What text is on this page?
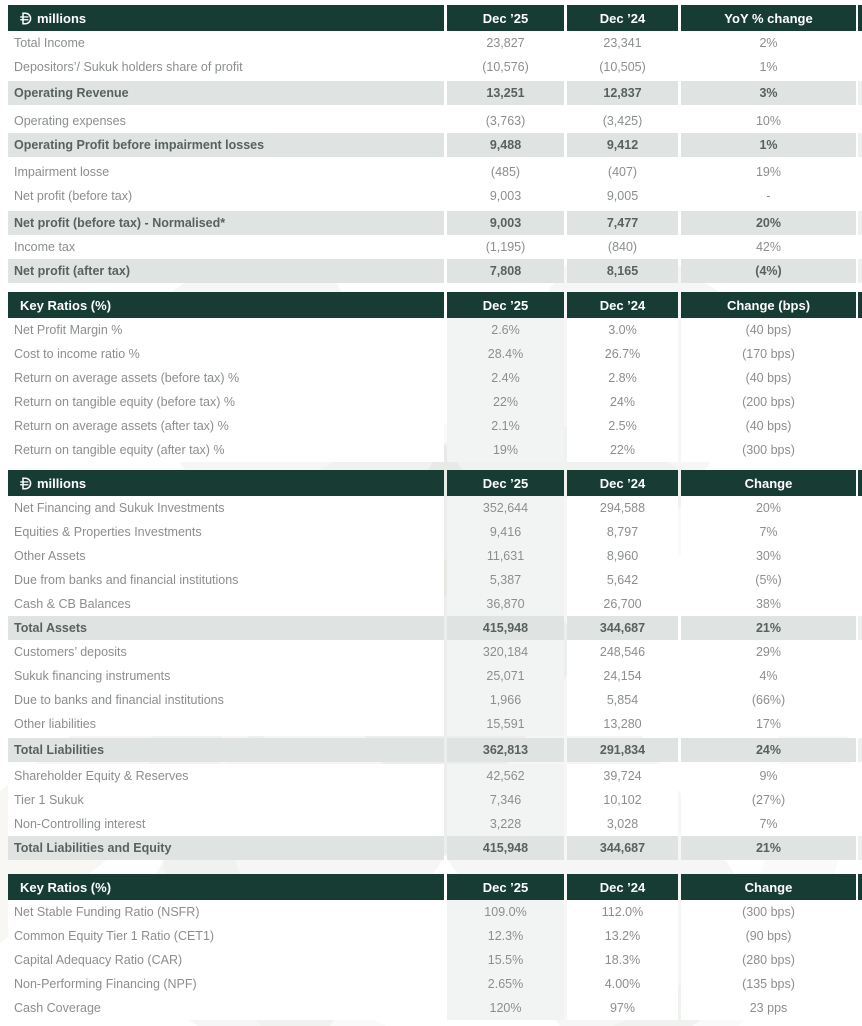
millions	Dec ’25	Dec ’24	YoY % change
Total Income	23,827	23,341	2%
Depositors’/ Sukuk holders share of profit	(10,576)	(10,505)	1%
Operating Revenue	13,251	12,837	3%
Operating expenses	(3,763)	(3,425)	10%
Operating Profit before impairment losses	9,488	9,412	1%
Impairment losse	(485)	(407)	19%
Net profit (before tax)	9,003	9,005	-
Net profit (before tax) - Normalised*	9,003	7,477	20%
Income tax	(1,195)	(840)	42%
Net profit (after tax)	7,808	8,165	(4%)
Key Ratios (%)	Dec ’25	Dec ’24	Change (bps)
Net Profit Margin %	2.6%	3.0%	(40 bps)
Cost to income ratio %	28.4%	26.7%	(170 bps)
Return on average assets (before tax) %	2.4%	2.8%	(40 bps)
Return on tangible equity (before tax) %	22%	24%	(200 bps)
Return on average assets (after tax) %	2.1%	2.5%	(40 bps)
Return on tangible equity (after tax) %	19%	22%	(300 bps)
millions	Dec ’25	Dec ’24	Change
Net Financing and Sukuk Investments	352,644	294,588	20%
Equities & Properties Investments	9,416	8,797	7%
Other Assets	11,631	8,960	30%
Due from banks and financial institutions	5,387	5,642	(5%)
Cash & CB Balances	36,870	26,700	38%
Total Assets	415,948	344,687	21%
Customers’ deposits	320,184	248,546	29%
Sukuk financing instruments	25,071	24,154	4%
Due to banks and financial institutions	1,966	5,854	(66%)
Other liabilities	15,591	13,280	17%
Total Liabilities	362,813	291,834	24%
Shareholder Equity & Reserves	42,562	39,724	9%
Tier 1 Sukuk	7,346	10,102	(27%)
Non-Controlling interest	3,228	3,028	7%
Total Liabilities and Equity	415,948	344,687	21%
Key Ratios (%)	Dec ’25	Dec ’24	Change
Net Stable Funding Ratio (NSFR)	109.0%	112.0%	(300 bps)
Common Equity Tier 1 Ratio (CET1)	12.3%	13.2%	(90 bps)
Capital Adequacy Ratio (CAR)	15.5%	18.3%	(280 bps)
Non-Performing Financing (NPF)	2.65%	4.00%	(135 bps)
Cash Coverage	120%	97%	23 pps
